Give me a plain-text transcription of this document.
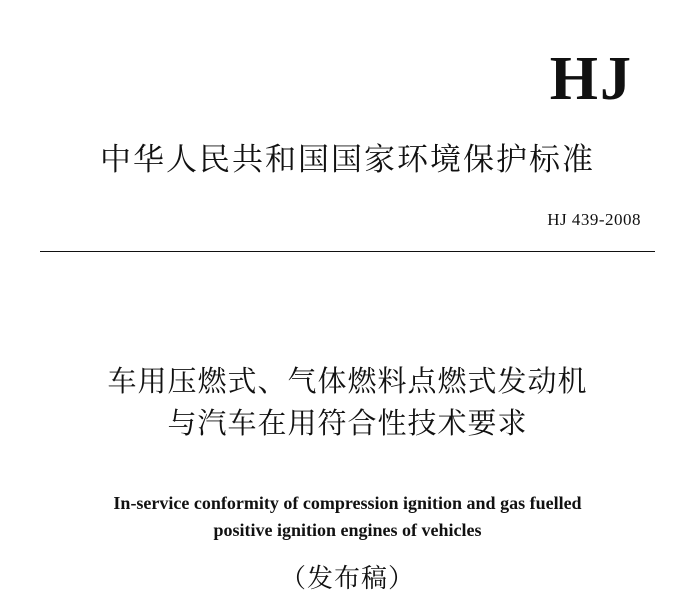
HJ
中华人民共和国国家环境保护标准
HJ 439-2008
车用压燃式、气体燃料点燃式发动机
与汽车在用符合性技术要求
In-service conformity of compression ignition and gas fuelled
positive ignition engines of vehicles
（发布稿）
